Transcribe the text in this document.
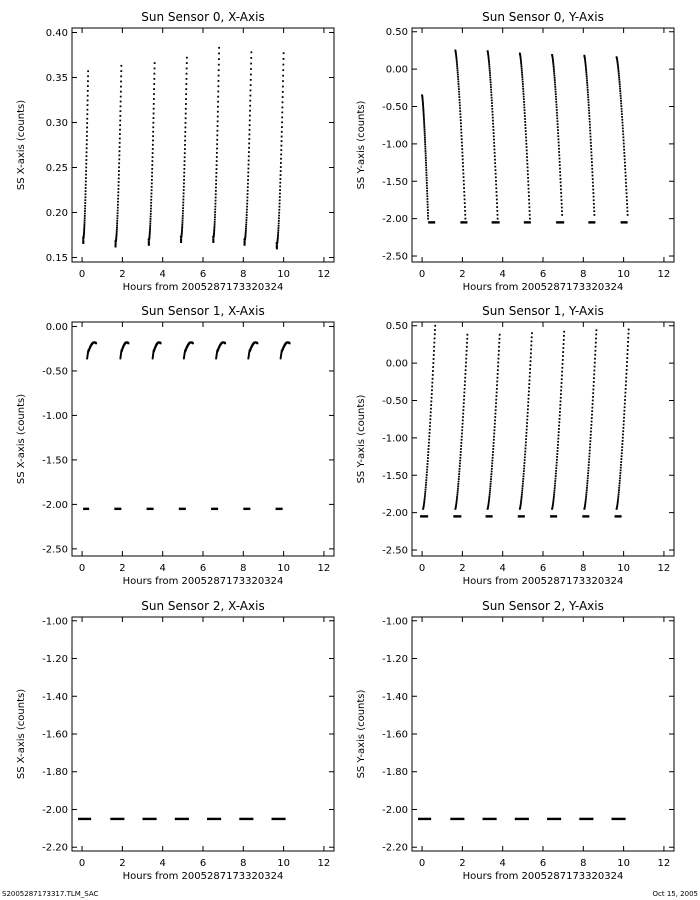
Sun Sensor 0, X-Axis
Hours from 2005287173320324
SS X-axis (counts)
0	2	4	6	8	10	12
0.15
0.20
0.25
0.30
0.35
0.40
Sun Sensor 0, Y-Axis
Hours from 2005287173320324
SS Y-axis (counts)
0	2	4	6	8	10	12
-2.50
-2.00
-1.50
-1.00
-0.50
0.00
0.50
Sun Sensor 1, X-Axis
Hours from 2005287173320324
SS X-axis (counts)
0	2	4	6	8	10	12
-2.50
-2.00
-1.50
-1.00
-0.50
0.00
Sun Sensor 1, Y-Axis
Hours from 2005287173320324
SS Y-axis (counts)
0	2	4	6	8	10	12
-2.50
-2.00
-1.50
-1.00
-0.50
0.00
0.50
Sun Sensor 2, X-Axis
Hours from 2005287173320324
SS X-axis (counts)
0	2	4	6	8	10	12
-2.20
-2.00
-1.80
-1.60
-1.40
-1.20
-1.00
Sun Sensor 2, Y-Axis
Hours from 2005287173320324
SS Y-axis (counts)
0	2	4	6	8	10	12
-2.20
-2.00
-1.80
-1.60
-1.40
-1.20
-1.00
S2005287173317.TLM_SAC	Oct 15, 2005
